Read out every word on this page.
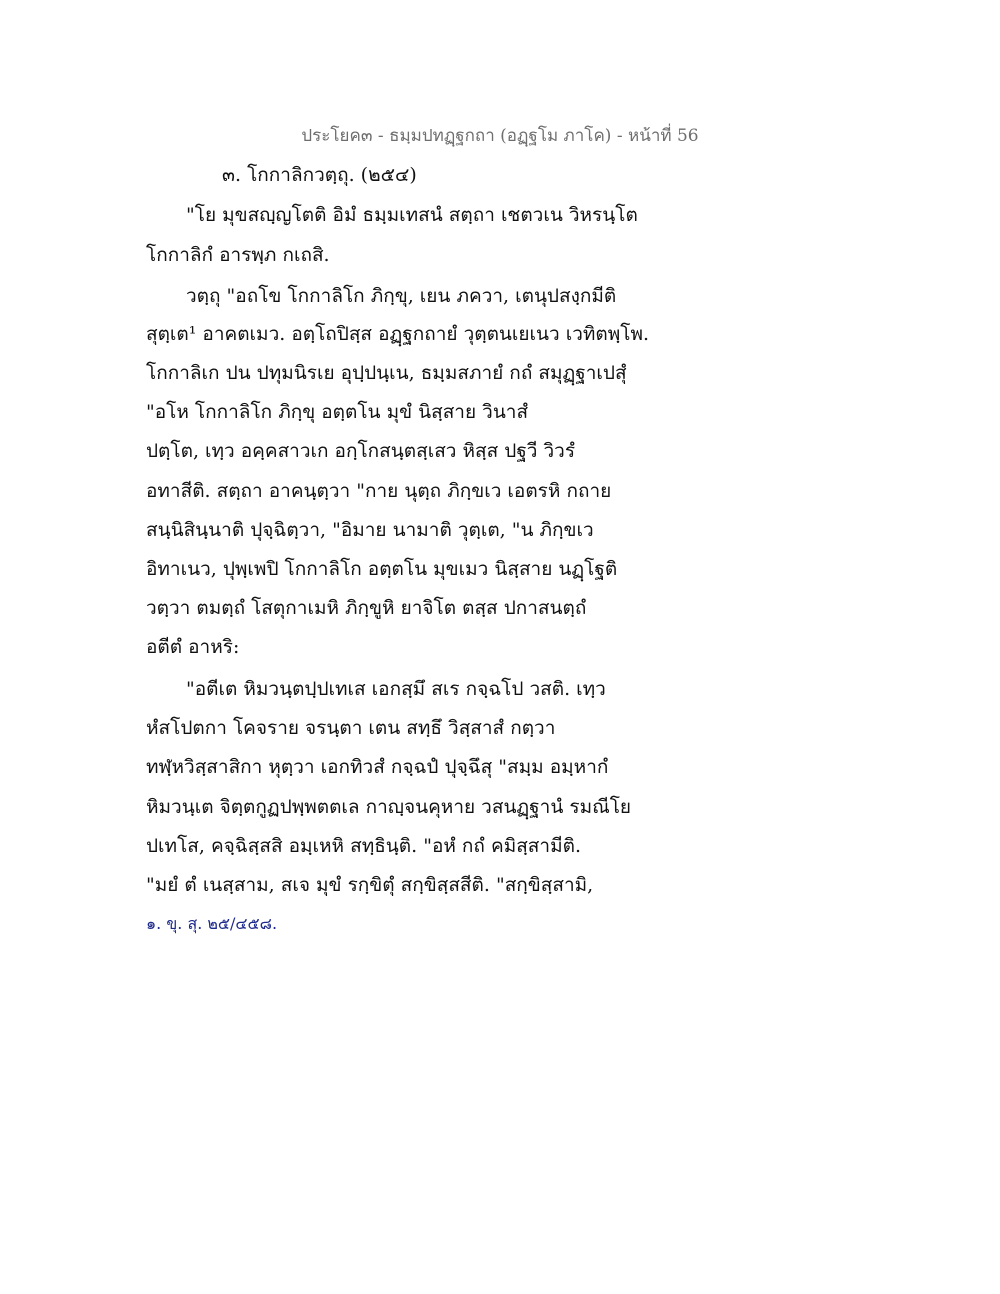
ประโยค๓ - ธมฺมปทฏฺฐกถา (อฏฺฐโม ภาโค) - หน้าที่ 56
๓. โกกาลิกวตฺถุ. (๒๕๔)
"โย มุขสญฺญโตติ อิมํ ธมฺมเทสนํ สตฺถา เชตวเน วิหรนฺโต
โกกาลิกํ อารพฺภ กเถสิ.
วตฺถุ "อถโข โกกาลิโก ภิกฺขุ, เยน ภควา, เตนุปสงฺกมีติ
สุตฺเต¹ อาคตเมว. อตฺโถปิสฺส อฏฺฐกถายํ วุตฺตนเยเนว เวทิตพฺโพ.
โกกาลิเก ปน ปทุมนิรเย อุปฺปนฺเน, ธมฺมสภายํ กถํ สมุฏฺฐาเปสุํ
"อโห โกกาลิโก ภิกฺขุ อตฺตโน มุขํ นิสฺสาย วินาสํ
ปตฺโต, เทฺว อคฺคสาวเก อกฺโกสนฺตสฺเสว หิสฺส ปฐวี วิวรํ
อทาสีติ. สตฺถา อาคนฺตฺวา "กาย นุตฺถ ภิกฺขเว เอตรหิ กถาย
สนฺนิสินฺนาติ ปุจฺฉิตฺวา, "อิมาย นามาติ วุตฺเต, "น ภิกฺขเว
อิทาเนว, ปุพฺเพปิ โกกาลิโก อตฺตโน มุขเมว นิสฺสาย นฏฺโฐติ
วตฺวา ตมตฺถํ โสตุกาเมหิ ภิกฺขูหิ ยาจิโต ตสฺส ปกาสนตฺถํ
อตีตํ อาหริ:
"อตีเต หิมวนฺตปฺปเทเส เอกสฺมึ สเร กจฺฉโป วสติ. เทฺว
หํสโปตกา โคจราย จรนฺตา เตน สทฺธึ วิสฺสาสํ กตฺวา
ทฬฺหวิสฺสาสิกา หุตฺวา เอกทิวสํ กจฺฉปํ ปุจฺฉึสุ "สมฺม อมฺหากํ
หิมวนฺเต จิตฺตกูฏปพฺพตตเล กาญฺจนคุหาย วสนฏฺฐานํ รมณีโย
ปเทโส, คจฺฉิสฺสสิ อมฺเหหิ สทฺธินฺติ. "อหํ กถํ คมิสฺสามีติ.
"มยํ ตํ เนสฺสาม, สเจ มุขํ รกฺขิตุํ สกฺขิสฺสสีติ. "สกฺขิสฺสามิ,
๑. ขุ. สุ. ๒๕/๔๕๘.
